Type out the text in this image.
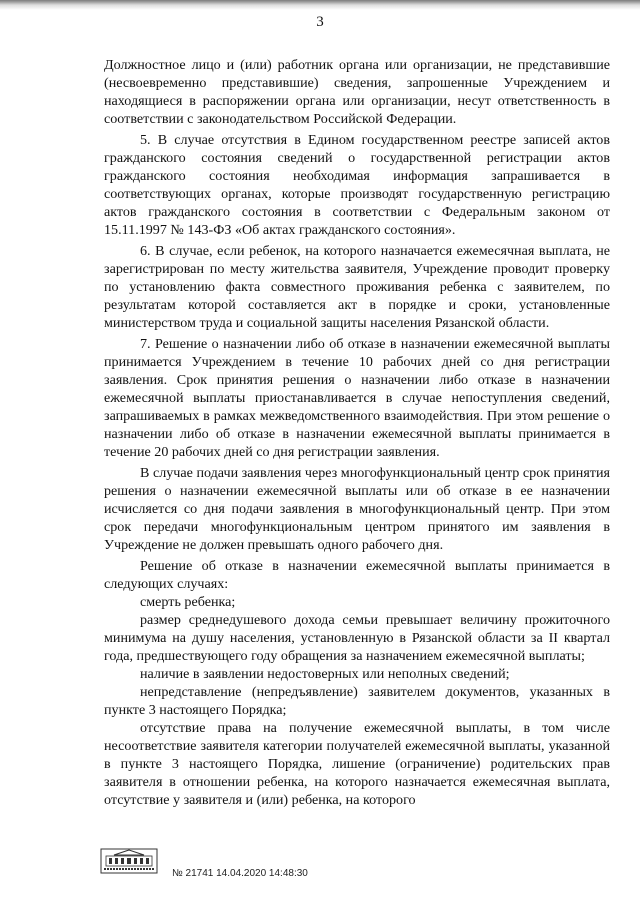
3

Должностное лицо и (или) работник органа или организации, не представившие (несвоевременно представившие) сведения, запрошенные Учреждением и находящиеся в распоряжении органа или организации, несут ответственность в соответствии с законодательством Российской Федерации.

5. В случае отсутствия в Едином государственном реестре записей актов гражданского состояния сведений о государственной регистрации актов гражданского состояния необходимая информация запрашивается в соответствующих органах, которые производят государственную регистрацию актов гражданского состояния в соответствии с Федеральным законом от 15.11.1997 № 143-ФЗ «Об актах гражданского состояния».

6. В случае, если ребенок, на которого назначается ежемесячная выплата, не зарегистрирован по месту жительства заявителя, Учреждение проводит проверку по установлению факта совместного проживания ребенка с заявителем, по результатам которой составляется акт в порядке и сроки, установленные министерством труда и социальной защиты населения Рязанской области.

7. Решение о назначении либо об отказе в назначении ежемесячной выплаты принимается Учреждением в течение 10 рабочих дней со дня регистрации заявления. Срок принятия решения о назначении либо отказе в назначении ежемесячной выплаты приостанавливается в случае непоступления сведений, запрашиваемых в рамках межведомственного взаимодействия. При этом решение о назначении либо об отказе в назначении ежемесячной выплаты принимается в течение 20 рабочих дней со дня регистрации заявления.

В случае подачи заявления через многофункциональный центр срок принятия решения о назначении ежемесячной выплаты или об отказе в ее назначении исчисляется со дня подачи заявления в многофункциональный центр. При этом срок передачи многофункциональным центром принятого им заявления в Учреждение не должен превышать одного рабочего дня.

Решение об отказе в назначении ежемесячной выплаты принимается в следующих случаях:

смерть ребенка;

размер среднедушевого дохода семьи превышает величину прожиточного минимума на душу населения, установленную в Рязанской области за II квартал года, предшествующего году обращения за назначением ежемесячной выплаты;

наличие в заявлении недостоверных или неполных сведений;

непредставление (непредъявление) заявителем документов, указанных в пункте 3 настоящего Порядка;

отсутствие права на получение ежемесячной выплаты, в том числе несоответствие заявителя категории получателей ежемесячной выплаты, указанной в пункте 3 настоящего Порядка, лишение (ограничение) родительских прав заявителя в отношении ребенка, на которого назначается ежемесячная выплата, отсутствие у заявителя и (или) ребенка, на которого

№ 21741 14.04.2020 14:48:30
